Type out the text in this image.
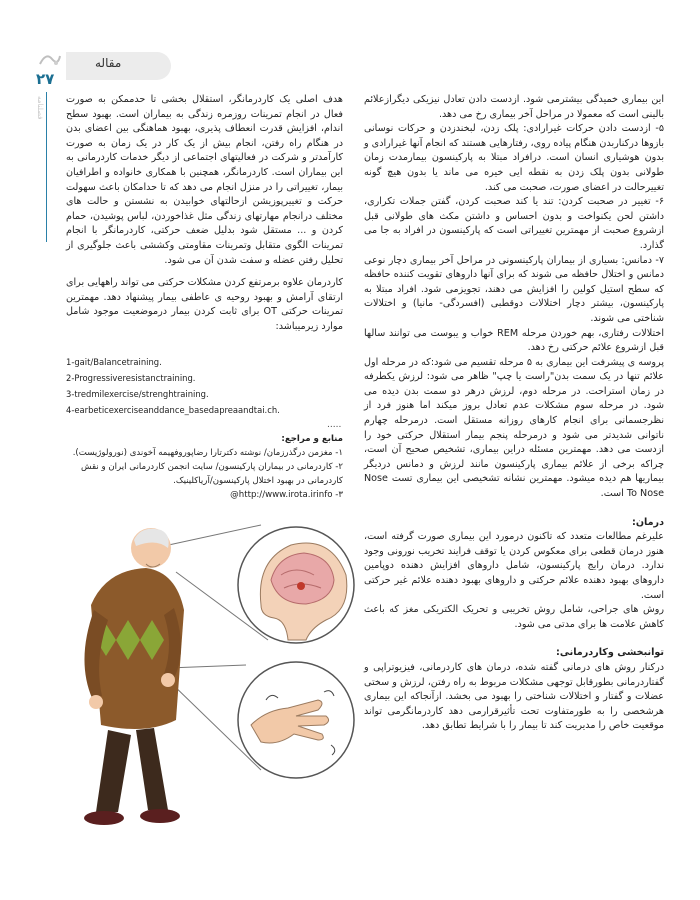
مقاله
۲۷
فصلنامه	این بیماری خمیدگی بیشترمی شود. ازدست دادن تعادل نیزیکی دیگرازعلائم بالینی است که معمولا در مراحل آخر بیماری رخ می دهد.

۵- ازدست دادن حرکات غیرارادی: پلک زدن، لبخندزدن و حرکات نوسانی بازوها درکناربدن هنگام پیاده روی، رفتارهایی هستند که انجام آنها غیرارادی و بدون هوشیاری انسان است. درافراد مبتلا به پارکینسون بیمارمدت زمان طولانی بدون پلک زدن به نقطه ایی خیره می ماند یا بدون هیچ گونه تغییرحالت در اعضای صورت، صحبت می کند.

۶- تغییر در صحبت کردن: تند یا کند صحبت کردن، گفتن جملات تکراری، داشتن لحن یکنواخت و بدون احساس و داشتن مکث های طولانی قبل ازشروع صحبت از مهمترین تغییراتی است که پارکینسون در افراد به جا می گذارد.

۷- دمانس: بسیاری از بیماران پارکینسونی در مراحل آخر بیماری دچار نوعی دمانس و اختلال حافظه می شوند که برای آنها داروهای تقویت کننده حافظه که سطح استیل کولین را افزایش می دهند، تجویزمی شود. افراد مبتلا به پارکینسون، بیشتر دچار اختلالات دوقطبی (افسردگی- مانیا) و اختلالات شناختی می شوند.

اختلالات رفتاری، بهم خوردن مرحله REM خواب و یبوست می توانند سالها قبل ازشروع علائم حرکتی رخ دهد.

پروسه ی پیشرفت این بیماری به ۵ مرحله تقسیم می شود:که در مرحله اول علائم تنها در یک سمت بدن"راست یا چپ" ظاهر می شود: لرزش یکطرفه در زمان استراحت. در مرحله دوم، لرزش درهر دو سمت بدن دیده می شود. در مرحله سوم مشکلات عدم تعادل بروز میکند اما هنوز فرد از نظرجسمانی برای انجام کارهای روزانه مستقل است. درمرحله چهارم ناتوانی شدیدتر می شود و درمرحله پنجم بیمار استقلال حرکتی خود را ازدست می دهد. مهمترین مسئله دراین بیماری، تشخیص صحیح آن است، چراکه برخی از علائم بیماری پارکینسون مانند لرزش و دمانس دردیگر بیماریها هم دیده میشود. مهمترین نشانه تشخیصی این بیماری تست Nose To Nose است.

درمان:

علیرغم مطالعات متعدد که تاکنون درمورد این بیماری صورت گرفته است، هنوز درمان قطعی برای معکوس کردن یا توقف فرایند تخریب نورونی وجود ندارد. درمان رایج پارکینسون، شامل داروهای افزایش دهنده دوپامین داروهای بهبود دهنده علائم حرکتی و داروهای بهبود دهنده علائم غیر حرکتی است.

روش های جراحی، شامل روش تخریبی و تحریک الکتریکی مغز که باعث کاهش علامت ها برای مدتی می شود.

توانبخشی وکاردرمانی:

درکنار روش های درمانی گفته شده، درمان های کاردرمانی، فیزیوتراپی و گفتاردرمانی بطورقابل توجهی مشکلات مربوط به راه رفتن، لرزش و سختی عضلات و گفتار و اختلالات شناختی را بهبود می بخشد. ازآنجاکه این بیماری هرشخصی را به طورمتفاوت تحت تأثیرقرارمی دهد کاردرمانگرمی تواند موقعیت خاص را مدیریت کند تا بیمار را با شرایط تطابق دهد.

هدف اصلی یک کاردرمانگر، استقلال بخشی تا حدممکن به صورت فعال در انجام تمرینات روزمره زندگی به بیماران است. بهبود سطح اندام، افزایش قدرت انعطاف پذیری، بهبود هماهنگی بین اعضای بدن در هنگام راه رفتن، انجام بیش از یک کار در یک زمان به صورت کارآمدتر و شرکت در فعالیتهای اجتماعی از دیگر خدمات کاردرمانی به این بیماران است. کاردرمانگر، همچنین با همکاری خانواده و اطرافیان بیمار، تغییراتی را در منزل انجام می دهد که تا حدامکان باعث سهولت حرکت و تغییرپوزیشن ازحالتهای خوابیدن به نشستن و حالت های مختلف درانجام مهارتهای زندگی مثل غذاخوردن، لباس پوشیدن، حمام کردن و ... مستقل شود بدلیل ضعف حرکتی، کاردرمانگر با انجام تمرینات الگوی متقابل وتمرینات مقاومتی وکششی باعث جلوگیری از تحلیل رفتن عضله و سفت شدن آن می شود.

کاردرمان علاوه برمرتفع کردن مشکلات حرکتی می تواند راههایی برای ارتقای آرامش و بهبود روحیه ی عاطفی بیمار پیشنهاد دهد. مهمترین تمرینات حرکتی OT برای ثابت کردن بیمار درموضعیت موجود شامل موارد زیرمیباشد:

1-gait/Balancetraining.
2-Progressiveresistanctraining.
3-tredmilexercise/strenghtraining.
4-earbeticexerciseanddance_basedapreaandtai.ch.
.....

منابع و مراجع:

۱- مغزمن درگذرزمان/ نوشته دکترتارا رضاپوروفهیمه آخوندی (نورولوژیست).

۲- کاردرمانی در بیماران پارکینسون/ سایت انجمن کاردرمانی ایران و نقش کاردرمانی در بهبود اختلال پارکینسون/آریاکلینیک.

۳- http://www.irota.irinfo@
